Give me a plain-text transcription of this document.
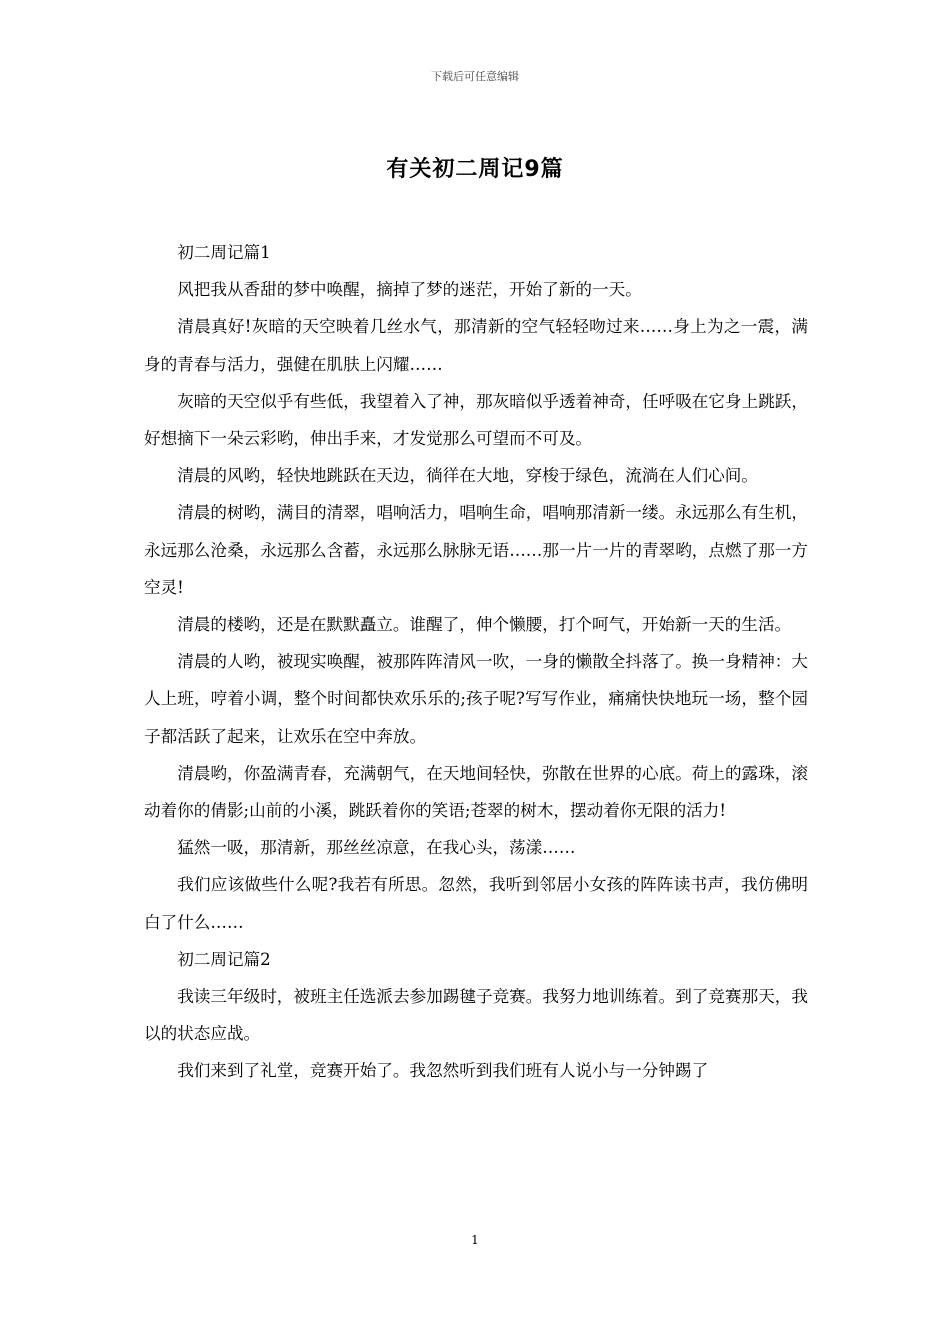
下载后可任意编辑
有关初二周记9篇

初二周记篇1

风把我从香甜的梦中唤醒，摘掉了梦的迷茫，开始了新的一天。

清晨真好!灰暗的天空映着几丝水气，那清新的空气轻轻吻过来……身上为之一震，满身的青春与活力，强健在肌肤上闪耀……

灰暗的天空似乎有些低，我望着入了神，那灰暗似乎透着神奇，任呼吸在它身上跳跃，好想摘下一朵云彩哟，伸出手来，才发觉那么可望而不可及。

清晨的风哟，轻快地跳跃在天边，徜徉在大地，穿梭于绿色，流淌在人们心间。

清晨的树哟，满目的清翠，唱响活力，唱响生命，唱响那清新一缕。永远那么有生机，永远那么沧桑，永远那么含蓄，永远那么脉脉无语……那一片一片的青翠哟，点燃了那一方空灵!

清晨的楼哟，还是在默默矗立。谁醒了，伸个懒腰，打个呵气，开始新一天的生活。

清晨的人哟，被现实唤醒，被那阵阵清风一吹，一身的懒散全抖落了。换一身精神：大人上班，哼着小调，整个时间都快欢乐乐的;孩子呢?写写作业，痛痛快快地玩一场，整个园子都活跃了起来，让欢乐在空中奔放。

清晨哟，你盈满青春，充满朝气，在天地间轻快，弥散在世界的心底。荷上的露珠，滚动着你的倩影;山前的小溪，跳跃着你的笑语;苍翠的树木，摆动着你无限的活力!

猛然一吸，那清新，那丝丝凉意，在我心头，荡漾……

我们应该做些什么呢?我若有所思。忽然，我听到邻居小女孩的阵阵读书声，我仿佛明白了什么……

初二周记篇2

我读三年级时，被班主任选派去参加踢毽子竞赛。我努力地训练着。到了竞赛那天，我以的状态应战。

我们来到了礼堂，竞赛开始了。我忽然听到我们班有人说小与一分钟踢了

1
